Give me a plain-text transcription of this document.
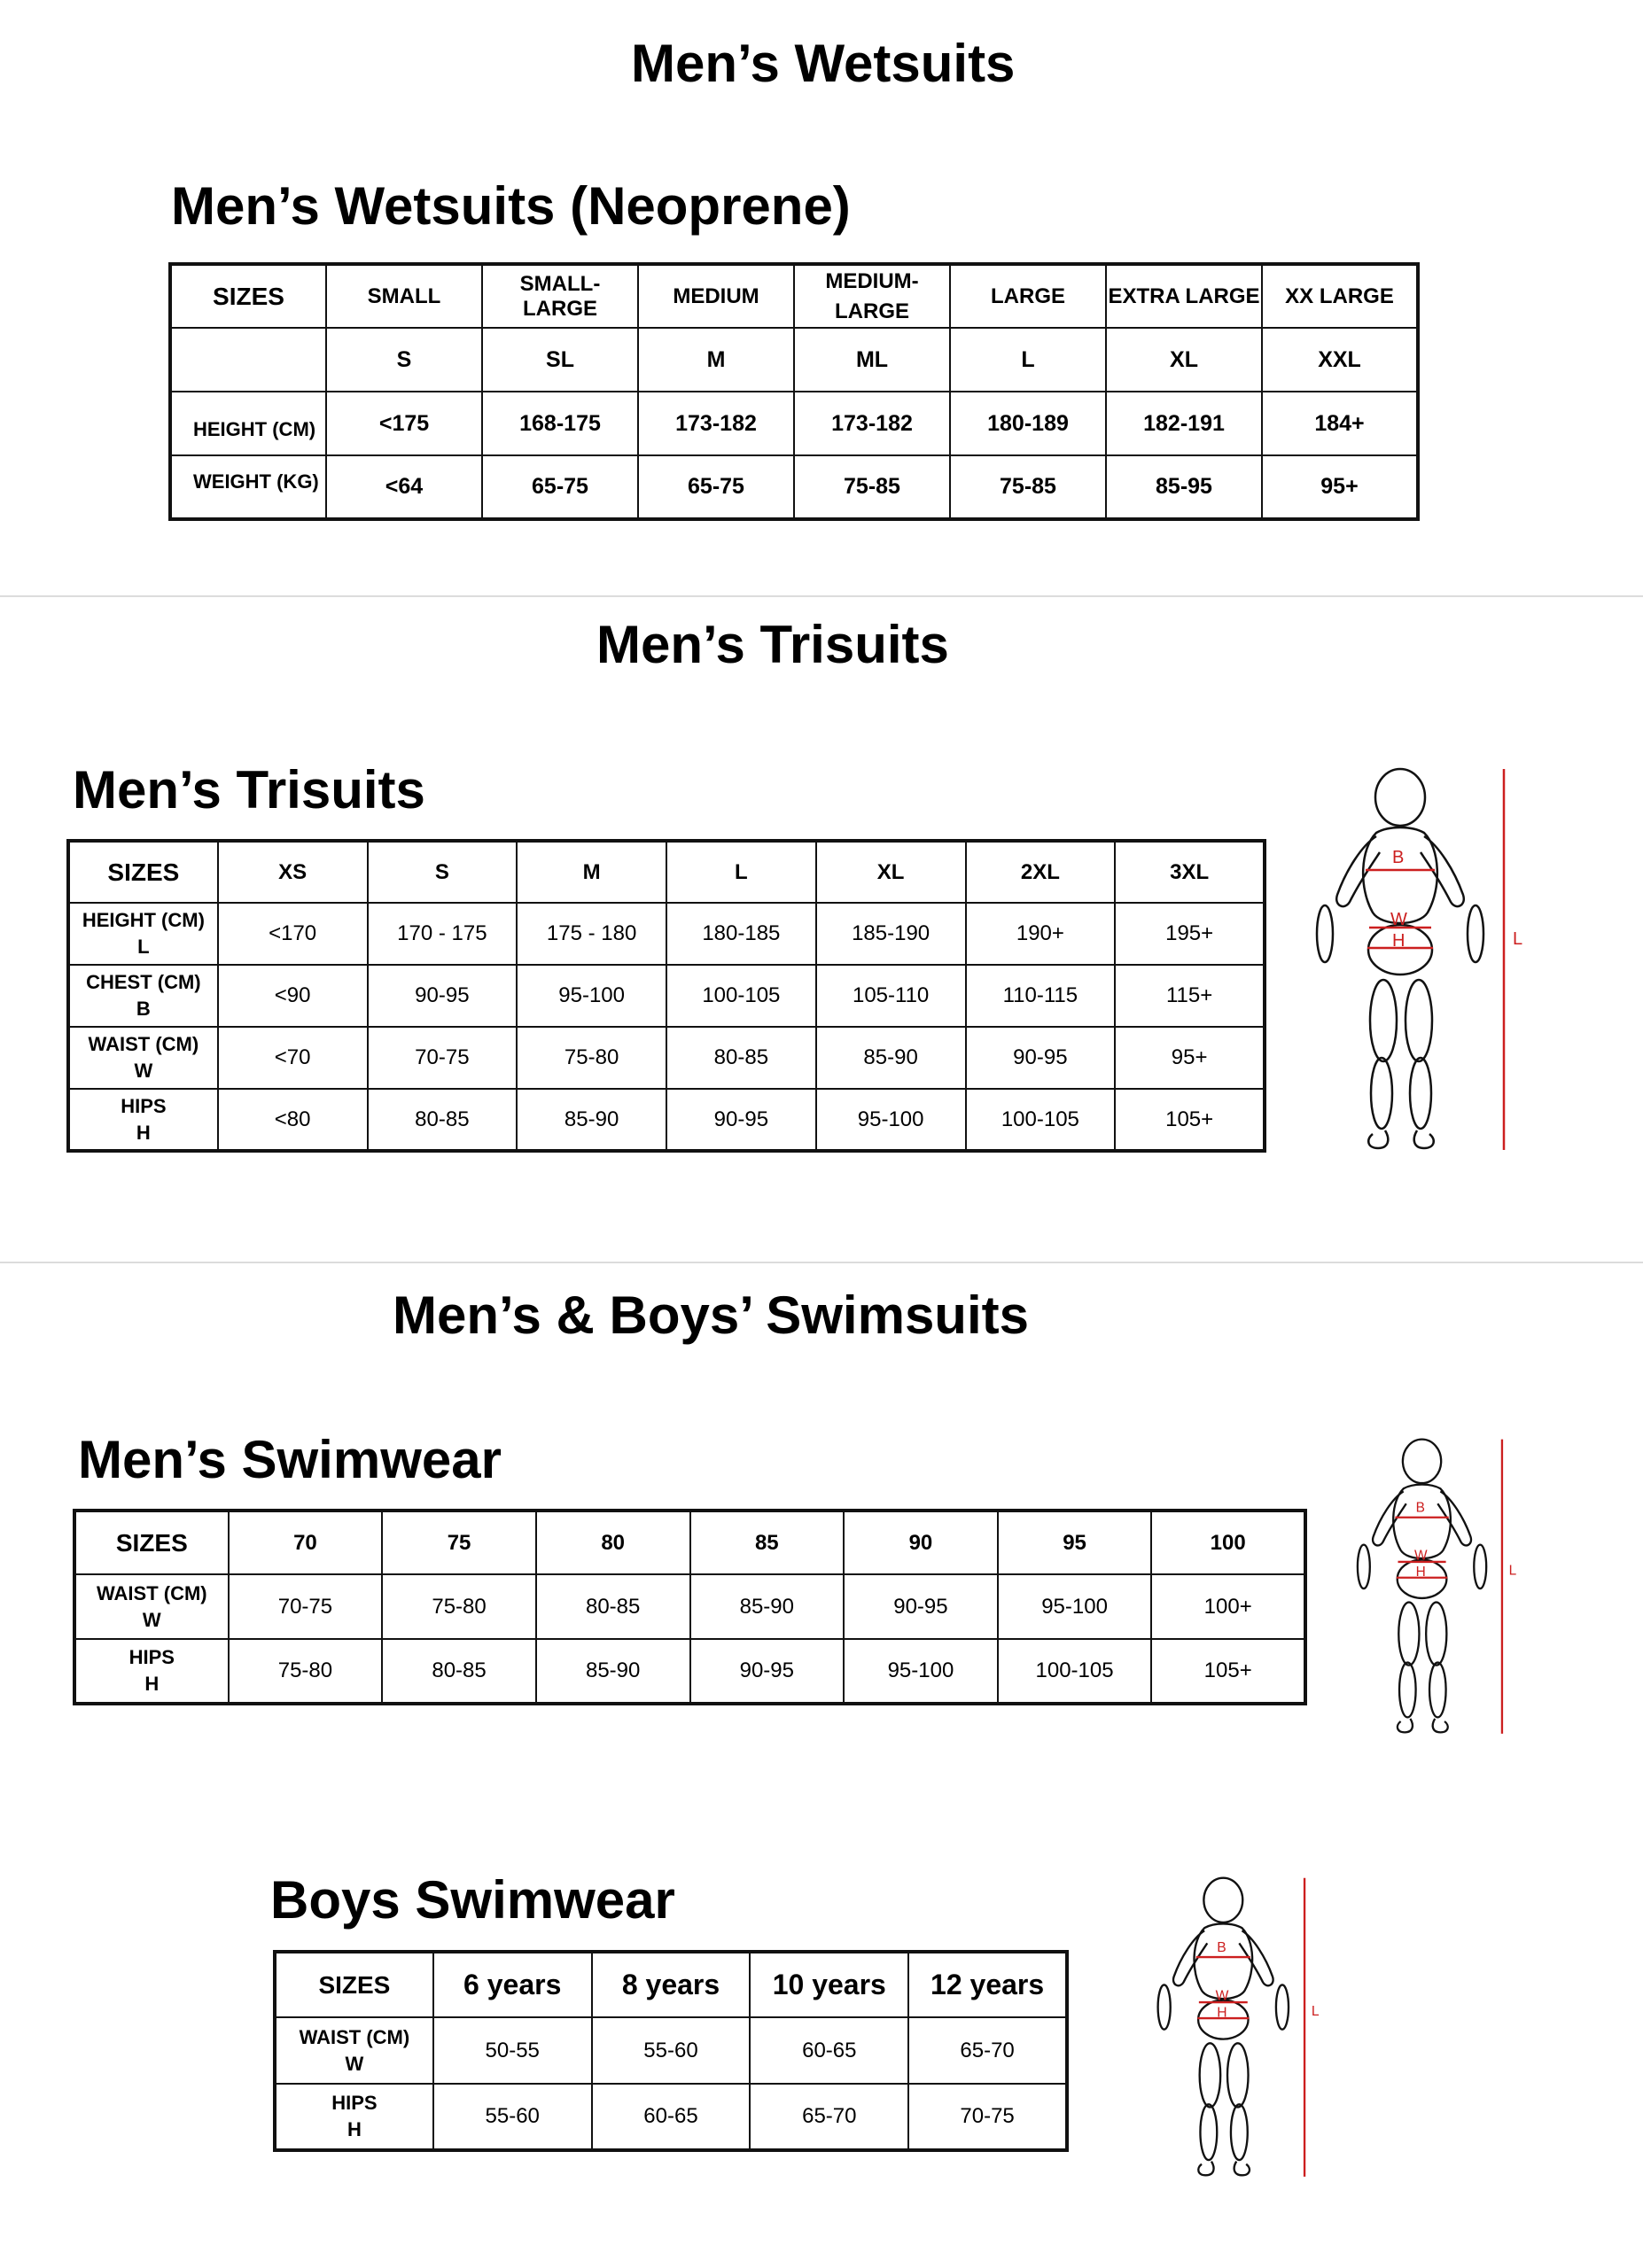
Men’s Wetsuits
Men’s Wetsuits (Neoprene)
SIZES	SMALL	SMALL-LARGE	MEDIUM	MEDIUM-
LARGE	LARGE	EXTRA LARGE	XX LARGE
	S	SL	M	ML	L	XL	XXL
HEIGHT (CM)	<175	168-175	173-182	173-182	180-189	182-191	184+
WEIGHT (KG)	<64	65-75	65-75	75-85	75-85	85-95	95+
Men’s Trisuits
Men’s Trisuits
SIZES	XS	S	M	L	XL	2XL	3XL

HEIGHT (CM)
L	<170	170 - 175	175 - 180	180-185	185-190	190+	195+

CHEST (CM)
B	<90	90-95	95-100	100-105	105-110	110-115	115+

WAIST (CM)
W	<70	70-75	75-80	80-85	85-90	90-95	95+

HIPS
H	<80	80-85	85-90	90-95	95-100	100-105	105+
B
W
H	L
Men’s & Boys’ Swimsuits
Men’s Swimwear
SIZES	70	75	80	85	90	95	100

WAIST (CM)
W	70-75	75-80	80-85	85-90	90-95	95-100	100+

HIPS
H	75-80	80-85	85-90	90-95	95-100	100-105	105+
B
W
H	L
Boys Swimwear
SIZES	6 years	8 years	10 years	12 years

WAIST (CM)
W	50-55	55-60	60-65	65-70

HIPS
H	55-60	60-65	65-70	70-75
B
W
H	L
